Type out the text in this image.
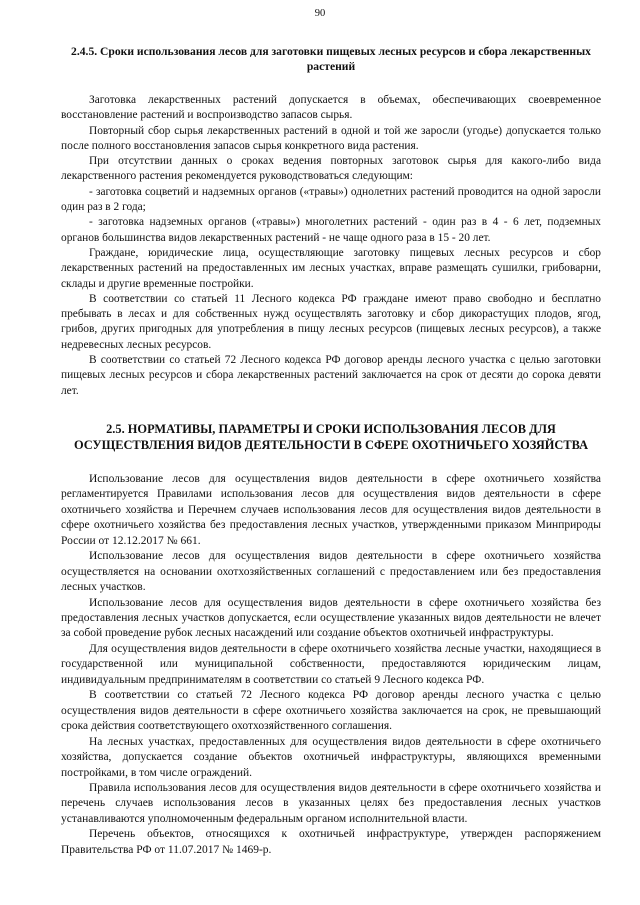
90
2.4.5. Сроки использования лесов для заготовки пищевых лесных ресурсов и сбора лекарственных растений

Заготовка лекарственных растений допускается в объемах, обеспечивающих своевременное восстановление растений и воспроизводство запасов сырья.

Повторный сбор сырья лекарственных растений в одной и той же заросли (угодье) допускается только после полного восстановления запасов сырья конкретного вида растения.

При отсутствии данных о сроках ведения повторных заготовок сырья для какого-либо вида лекарственного растения рекомендуется руководствоваться следующим:

- заготовка соцветий и надземных органов («травы») однолетних растений проводится на одной заросли один раз в 2 года;

- заготовка надземных органов («травы») многолетних растений - один раз в 4 - 6 лет, подземных органов большинства видов лекарственных растений - не чаще одного раза в 15 - 20 лет.

Граждане, юридические лица, осуществляющие заготовку пищевых лесных ресурсов и сбор лекарственных растений на предоставленных им лесных участках, вправе размещать сушилки, грибоварни, склады и другие временные постройки.

В соответствии со статьей 11 Лесного кодекса РФ граждане имеют право свободно и бесплатно пребывать в лесах и для собственных нужд осуществлять заготовку и сбор дикорастущих плодов, ягод, грибов, других пригодных для употребления в пищу лесных ресурсов (пищевых лесных ресурсов), а также недревесных лесных ресурсов.

В соответствии со статьей 72 Лесного кодекса РФ договор аренды лесного участка с целью заготовки пищевых лесных ресурсов и сбора лекарственных растений заключается на срок от десяти до сорока девяти лет.

2.5. НОРМАТИВЫ, ПАРАМЕТРЫ И СРОКИ ИСПОЛЬЗОВАНИЯ ЛЕСОВ ДЛЯ ОСУЩЕСТВЛЕНИЯ ВИДОВ ДЕЯТЕЛЬНОСТИ В СФЕРЕ ОХОТНИЧЬЕГО ХОЗЯЙСТВА

Использование лесов для осуществления видов деятельности в сфере охотничьего хозяйства регламентируется Правилами использования лесов для осуществления видов деятельности в сфере охотничьего хозяйства и Перечнем случаев использования лесов для осуществления видов деятельности в сфере охотничьего хозяйства без предоставления лесных участков, утвержденными приказом Минприроды России от 12.12.2017 № 661.

Использование лесов для осуществления видов деятельности в сфере охотничьего хозяйства осуществляется на основании охотхозяйственных соглашений с предоставлением или без предоставления лесных участков.

Использование лесов для осуществления видов деятельности в сфере охотничьего хозяйства без предоставления лесных участков допускается, если осуществление указанных видов деятельности не влечет за собой проведение рубок лесных насаждений или создание объектов охотничьей инфраструктуры.

Для осуществления видов деятельности в сфере охотничьего хозяйства лесные участки, находящиеся в государственной или муниципальной собственности, предоставляются юридическим лицам, индивидуальным предпринимателям в соответствии со статьей 9 Лесного кодекса РФ.

В соответствии со статьей 72 Лесного кодекса РФ договор аренды лесного участка с целью осуществления видов деятельности в сфере охотничьего хозяйства заключается на срок, не превышающий срока действия соответствующего охотхозяйственного соглашения.

На лесных участках, предоставленных для осуществления видов деятельности в сфере охотничьего хозяйства, допускается создание объектов охотничьей инфраструктуры, являющихся временными постройками, в том числе ограждений.

Правила использования лесов для осуществления видов деятельности в сфере охотничьего хозяйства и перечень случаев использования лесов в указанных целях без предоставления лесных участков устанавливаются уполномоченным федеральным органом исполнительной власти.

Перечень объектов, относящихся к охотничьей инфраструктуре, утвержден распоряжением Правительства РФ от 11.07.2017 № 1469-р.
